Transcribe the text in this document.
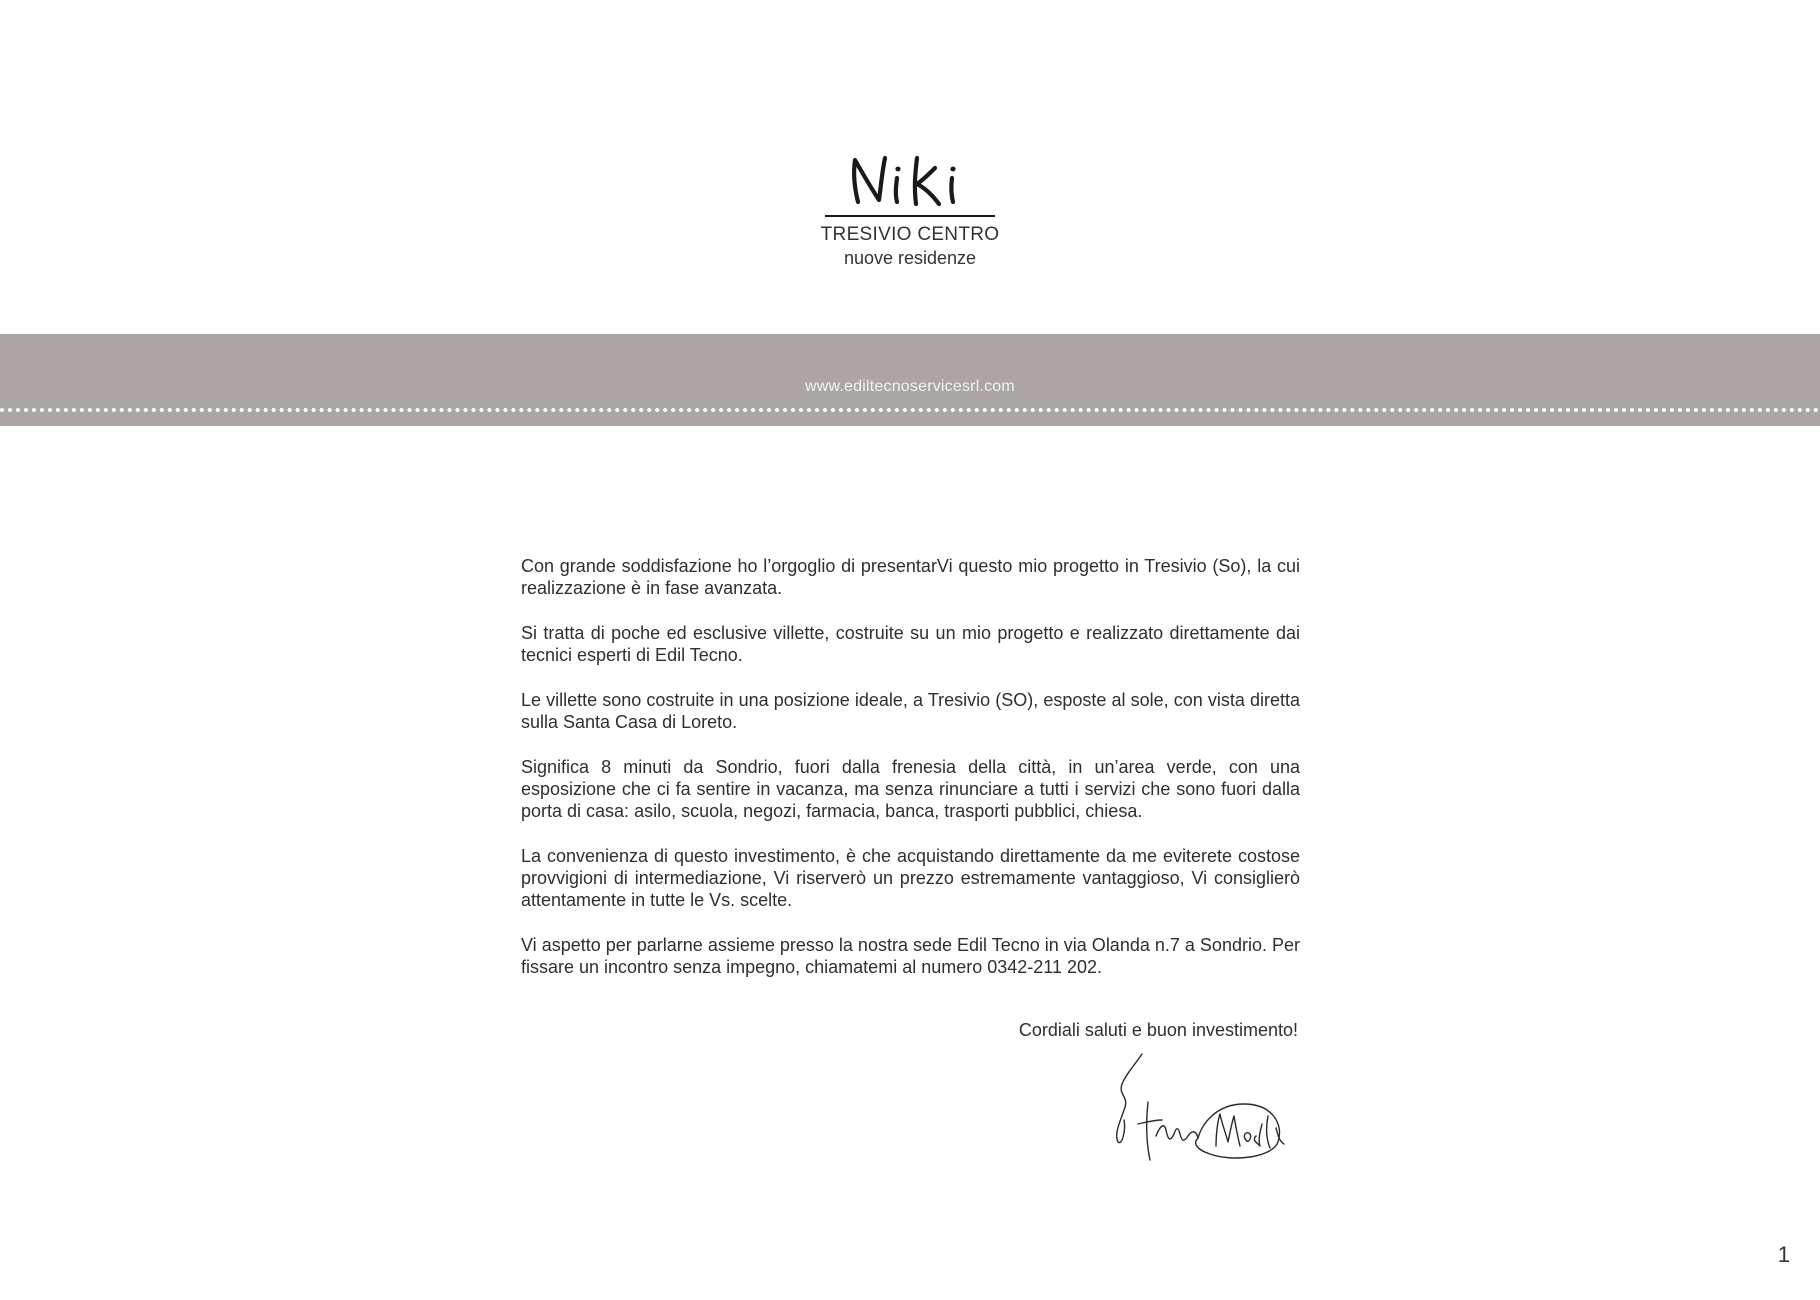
TRESIVIO CENTRO
nuove residenze
www.ediltecnoservicesrl.com

Con grande soddisfazione ho l’orgoglio di presentarVi questo mio progetto in Tresivio (So), la cui realizzazione è in fase avanzata.

Si tratta di poche ed esclusive villette, costruite su un mio progetto e realizzato direttamente dai tecnici esperti di Edil Tecno.

Le villette sono costruite in una posizione ideale, a Tresivio (SO), esposte al sole, con vista diretta sulla Santa Casa di Loreto.

Significa 8 minuti da Sondrio, fuori dalla frenesia della città, in un’area verde, con una esposizione che ci fa sentire in vacanza, ma senza rinunciare a tutti i servizi che sono fuori dalla porta di casa: asilo, scuola, negozi, farmacia, banca, trasporti pubblici, chiesa.

La convenienza di questo investimento, è che acquistando direttamente da me eviterete costose provvigioni di intermediazione, Vi riserverò un prezzo estremamente vantaggioso, Vi consiglierò attentamente in tutte le Vs. scelte.

Vi aspetto per parlarne assieme presso la nostra sede Edil Tecno in via Olanda n.7 a Sondrio. Per fissare un incontro senza impegno, chiamatemi al numero 0342-211 202.

Cordiali saluti e buon investimento!
1
